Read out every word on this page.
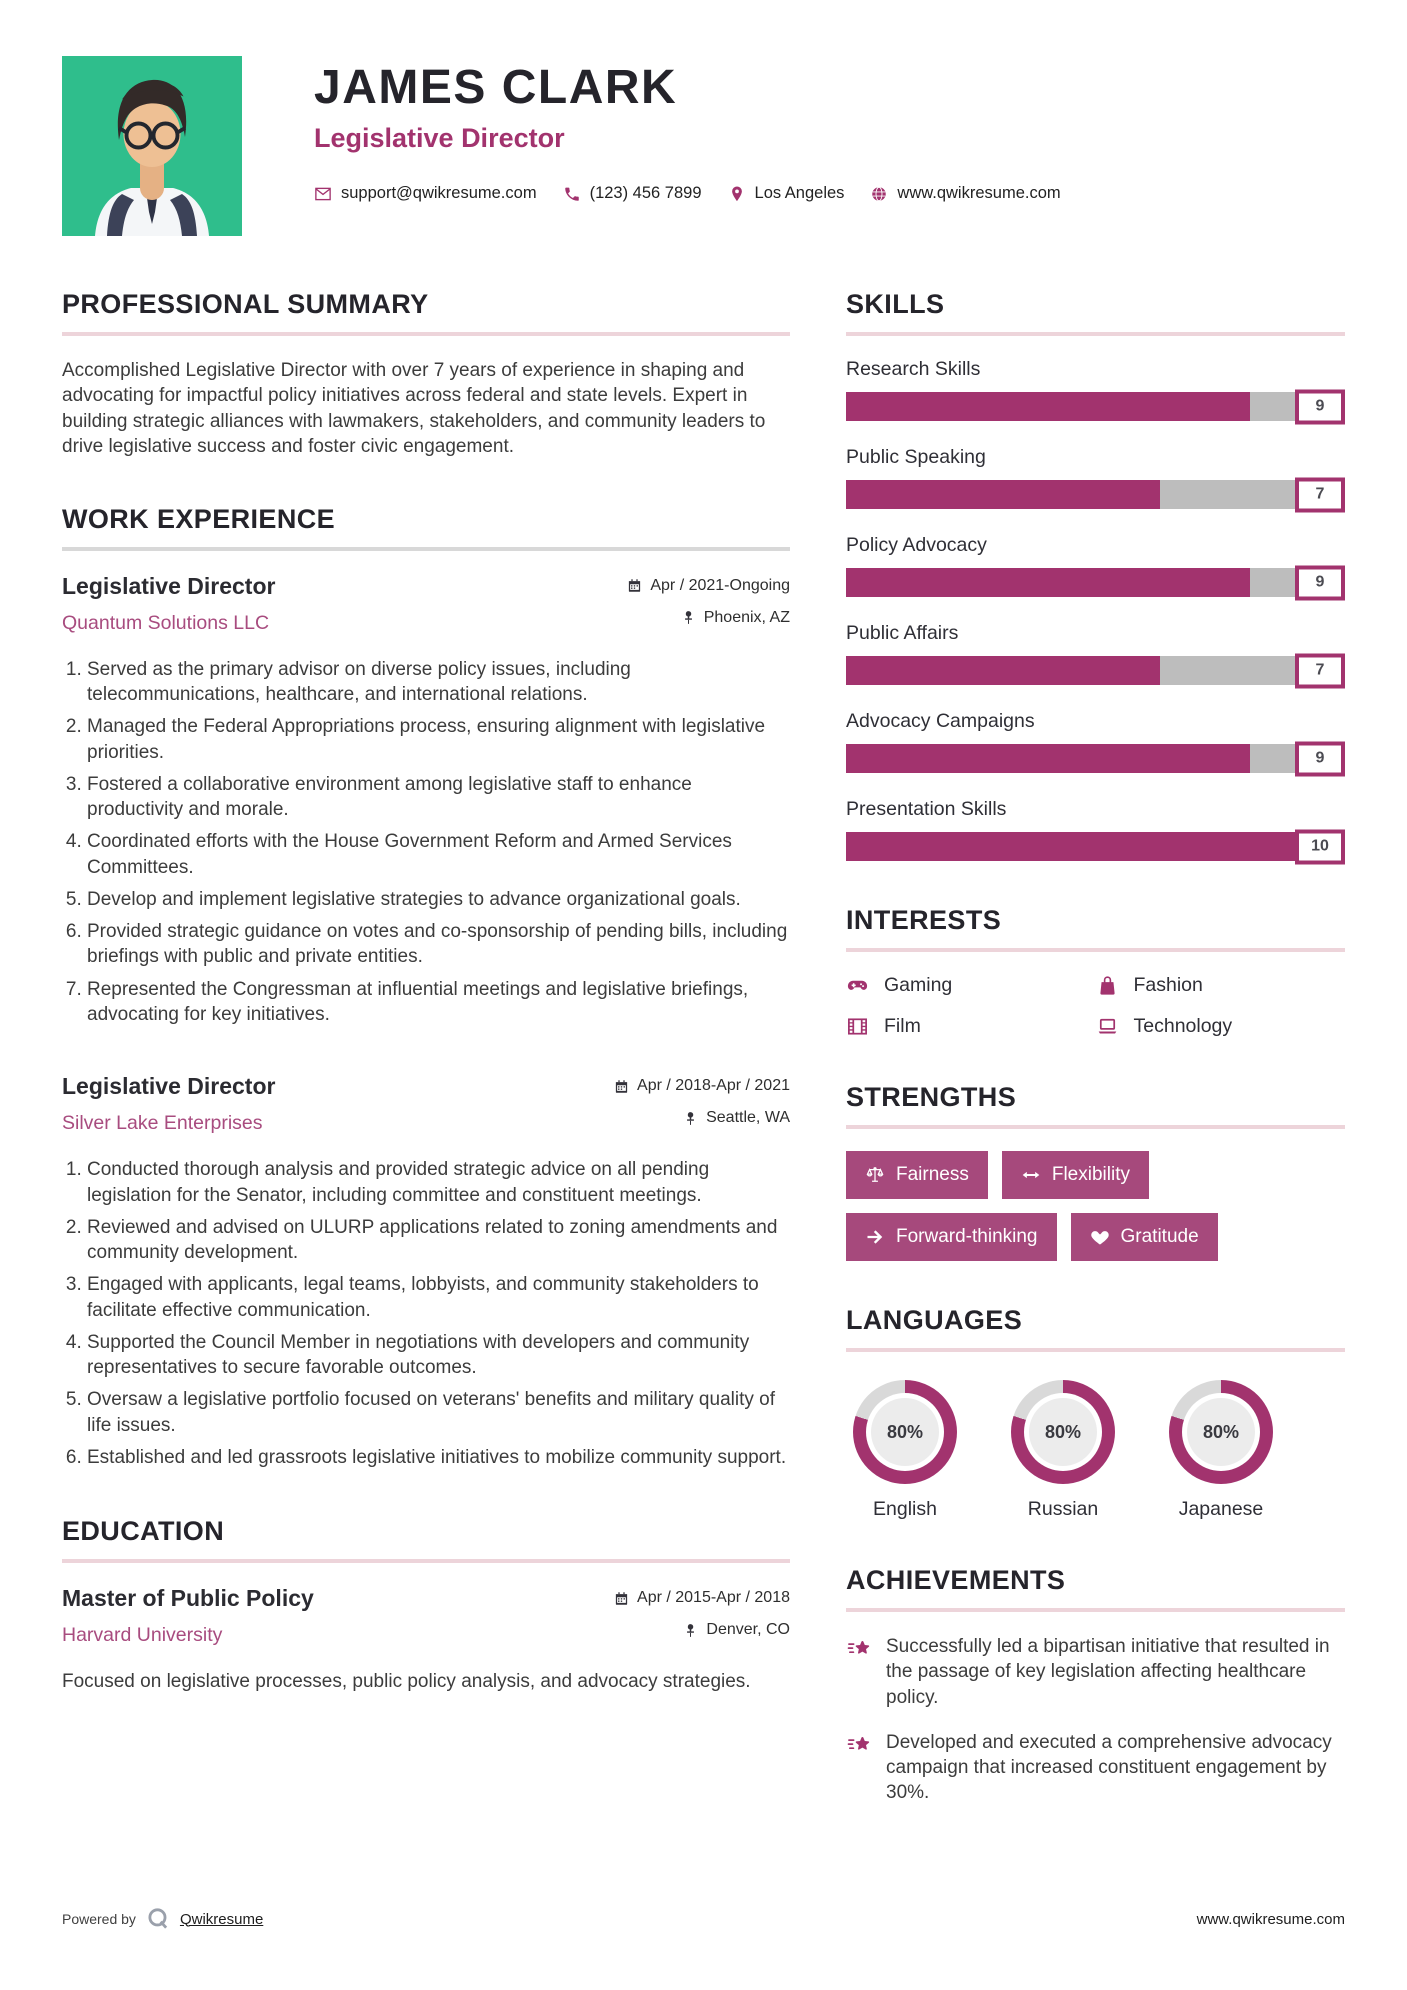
JAMES CLARK
Legislative Director
support@qwikresume.com	(123) 456 7899	Los Angeles	www.qwikresume.com
PROFESSIONAL SUMMARY

Accomplished Legislative Director with over 7 years of experience in shaping and advocating for impactful policy initiatives across federal and state levels. Expert in building strategic alliances with lawmakers, stakeholders, and community leaders to drive legislative success and foster civic engagement.

WORK EXPERIENCE
Legislative Director
Quantum Solutions LLC
Apr / 2021-Ongoing
Phoenix, AZ
1. Served as the primary advisor on diverse policy issues, including telecommunications, healthcare, and international relations.
2. Managed the Federal Appropriations process, ensuring alignment with legislative priorities.
3. Fostered a collaborative environment among legislative staff to enhance productivity and morale.
4. Coordinated efforts with the House Government Reform and Armed Services Committees.
5. Develop and implement legislative strategies to advance organizational goals.
6. Provided strategic guidance on votes and co-sponsorship of pending bills, including briefings with public and private entities.
7. Represented the Congressman at influential meetings and legislative briefings, advocating for key initiatives.
Legislative Director
Silver Lake Enterprises
Apr / 2018-Apr / 2021
Seattle, WA
1. Conducted thorough analysis and provided strategic advice on all pending legislation for the Senator, including committee and constituent meetings.
2. Reviewed and advised on ULURP applications related to zoning amendments and community development.
3. Engaged with applicants, legal teams, lobbyists, and community stakeholders to facilitate effective communication.
4. Supported the Council Member in negotiations with developers and community representatives to secure favorable outcomes.
5. Oversaw a legislative portfolio focused on veterans' benefits and military quality of life issues.
6. Established and led grassroots legislative initiatives to mobilize community support.
EDUCATION
Master of Public Policy
Harvard University
Apr / 2015-Apr / 2018
Denver, CO

Focused on legislative processes, public policy analysis, and advocacy strategies.

SKILLS
Research Skills
9
Public Speaking
7
Policy Advocacy
9
Public Affairs
7
Advocacy Campaigns
9
Presentation Skills
10
INTERESTS
Gaming	Fashion
Film	Technology
STRENGTHS
Fairness	Flexibility
Forward-thinking	Gratitude
LANGUAGES
80%
English
80%
Russian
80%
Japanese
ACHIEVEMENTS

Successfully led a bipartisan initiative that resulted in the passage of key legislation affecting healthcare policy.

Developed and executed a comprehensive advocacy campaign that increased constituent engagement by 30%.

Powered by	Qwikresume	www.qwikresume.com
